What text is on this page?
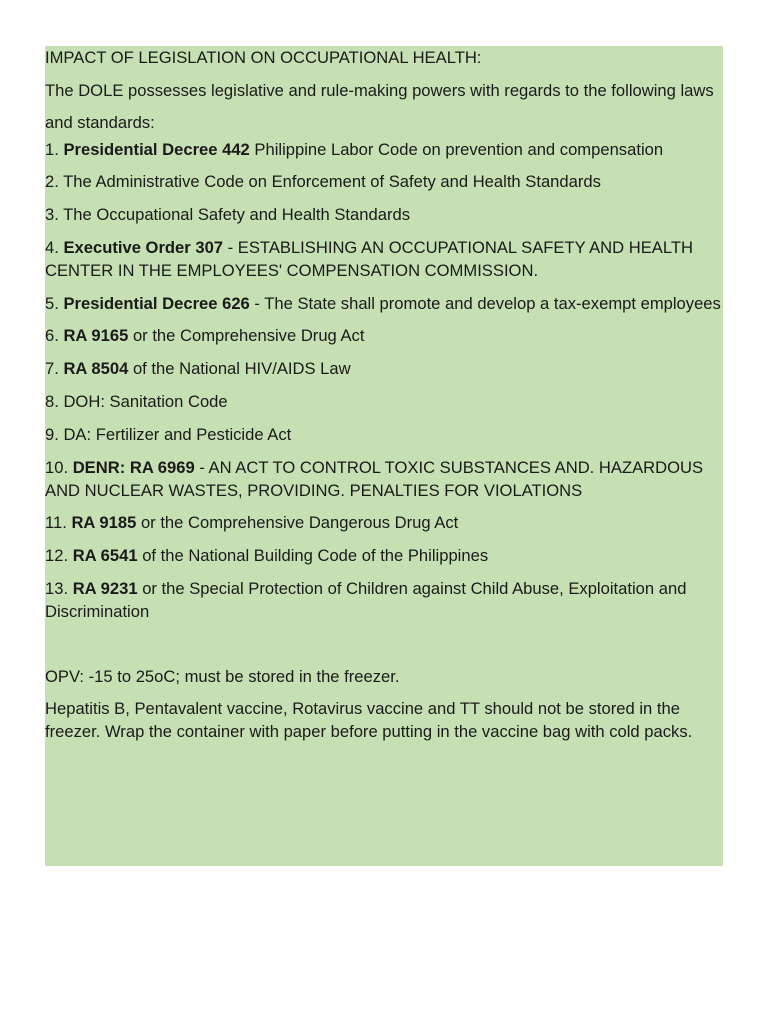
IMPACT OF LEGISLATION ON OCCUPATIONAL HEALTH:

The DOLE possesses legislative and rule-making powers with regards to the following laws and standards:

1. Presidential Decree 442 Philippine Labor Code on prevention and compensation

2. The Administrative Code on Enforcement of Safety and Health Standards

3. The Occupational Safety and Health Standards

4. Executive Order 307 - ESTABLISHING AN OCCUPATIONAL SAFETY AND HEALTH CENTER IN THE EMPLOYEES' COMPENSATION COMMISSION.

5. Presidential Decree 626 - The State shall promote and develop a tax-exempt employees

6. RA 9165 or the Comprehensive Drug Act

7. RA 8504 of the National HIV/AIDS Law

8. DOH: Sanitation Code

9. DA: Fertilizer and Pesticide Act

10. DENR: RA 6969 - AN ACT TO CONTROL TOXIC SUBSTANCES AND. HAZARDOUS AND NUCLEAR WASTES, PROVIDING. PENALTIES FOR VIOLATIONS

11. RA 9185 or the Comprehensive Dangerous Drug Act

12. RA 6541 of the National Building Code of the Philippines

13. RA 9231 or the Special Protection of Children against Child Abuse, Exploitation and Discrimination

OPV: -15 to 25oC; must be stored in the freezer.

Hepatitis B, Pentavalent vaccine, Rotavirus vaccine and TT should not be stored in the freezer. Wrap the container with paper before putting in the vaccine bag with cold packs.
